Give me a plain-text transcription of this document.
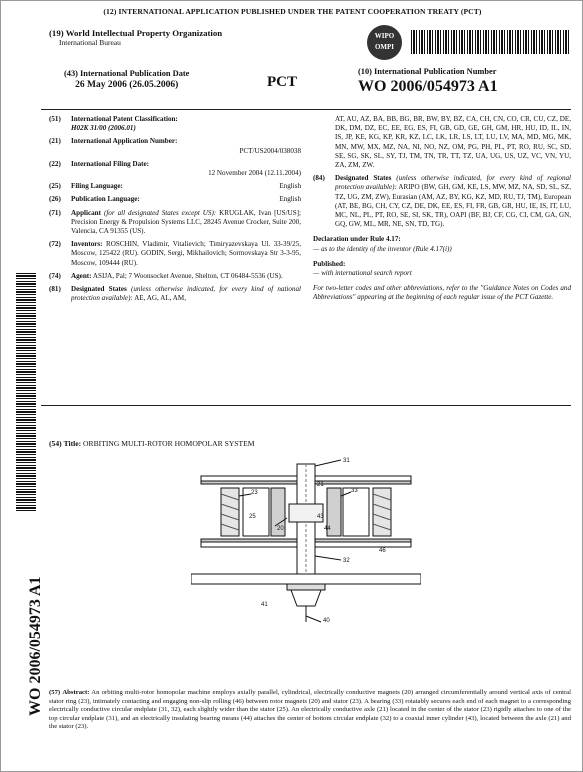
(12) INTERNATIONAL APPLICATION PUBLISHED UNDER THE PATENT COOPERATION TREATY (PCT)
(19) World Intellectual Property Organization
International Bureau
WIPO
OMPI
(43) International Publication Date
26 May 2006 (26.05.2006)	PCT
(10) International Publication Number
WO 2006/054973 A1
(51)	International Patent Classification:
H02K 31/00 (2006.01)
(21)	International Application Number:
PCT/US2004/038038
(22)	International Filing Date:
12 November 2004 (12.11.2004)
(25)	Filing Language:	English
(26)	Publication Language:	English
(71)	Applicant (for all designated States except US): KRUGLAK, Ivan [US/US]; Precision Energy & Propulsion Systems LLC, 28245 Avenue Crocker, Suite 200, Valencia, CA 91355 (US).
(72)	Inventors: ROSCHIN, Vladimir, Vitalievich; Timiryazevskaya Ul. 33-39/25, Moscow, 125422 (RU). GODIN, Sergi, Mikhailovich; Sormovskaya Str 3-3-95, Moscow, 109444 (RU).
(74)	Agent: ASIJA, Pal; 7 Woonsocket Avenue, Shelton, CT 06484-5536 (US).
(81)	Designated States (unless otherwise indicated, for every kind of national protection available): AE, AG, AL, AM,
AT, AU, AZ, BA, BB, BG, BR, BW, BY, BZ, CA, CH, CN, CO, CR, CU, CZ, DE, DK, DM, DZ, EC, EE, EG, ES, FI, GB, GD, GE, GH, GM, HR, HU, ID, IL, IN, IS, JP, KE, KG, KP, KR, KZ, LC, LK, LR, LS, LT, LU, LV, MA, MD, MG, MK, MN, MW, MX, MZ, NA, NI, NO, NZ, OM, PG, PH, PL, PT, RO, RU, SC, SD, SE, SG, SK, SL, SY, TJ, TM, TN, TR, TT, TZ, UA, UG, US, UZ, VC, VN, YU, ZA, ZM, ZW.
(84)	Designated States (unless otherwise indicated, for every kind of regional protection available): ARIPO (BW, GH, GM, KE, LS, MW, MZ, NA, SD, SL, SZ, TZ, UG, ZM, ZW), Eurasian (AM, AZ, BY, KG, KZ, MD, RU, TJ, TM), European (AT, BE, BG, CH, CY, CZ, DE, DK, EE, ES, FI, FR, GB, GR, HU, IE, IS, IT, LU, MC, NL, PL, PT, RO, SE, SI, SK, TR), OAPI (BF, BJ, CF, CG, CI, CM, GA, GN, GQ, GW, ML, MR, NE, SN, TD, TG).
Declaration under Rule 4.17:
— as to the identity of the inventor (Rule 4.17(i))
Published:
— with international search report
For two-letter codes and other abbreviations, refer to the "Guidance Notes on Codes and Abbreviations" appearing at the beginning of each regular issue of the PCT Gazette.
WO 2006/054973 A1
(54) Title: ORBITING MULTI-ROTOR HOMOPOLAR SYSTEM
31
23
21
33
20
25	43
44
32
46
41
40
(57) Abstract: An orbiting multi-rotor homopolar machine employs axially parallel, cylindrical, electrically conductive magnets (20) arranged circumferentially around vertical axis of central stator ring (23), intimately contacting and engaging non-slip rolling (46) between rotor magnets (20) and stator (23). A bearing (33) rotatably secures each end of each magnet to a corresponding electrically conductive circular endplate (31, 32), each slightly wider than the stator (25). An electrically conductive axle (21) located in the center of the stator (23) rigidly attaches to one of the top circular endplate (31), and an electrically insulating bearing means (44) attaches the center of bottom circular endplate (32) to a coaxial inner cylinder (43), located between the axle (21) and the stator (23).
